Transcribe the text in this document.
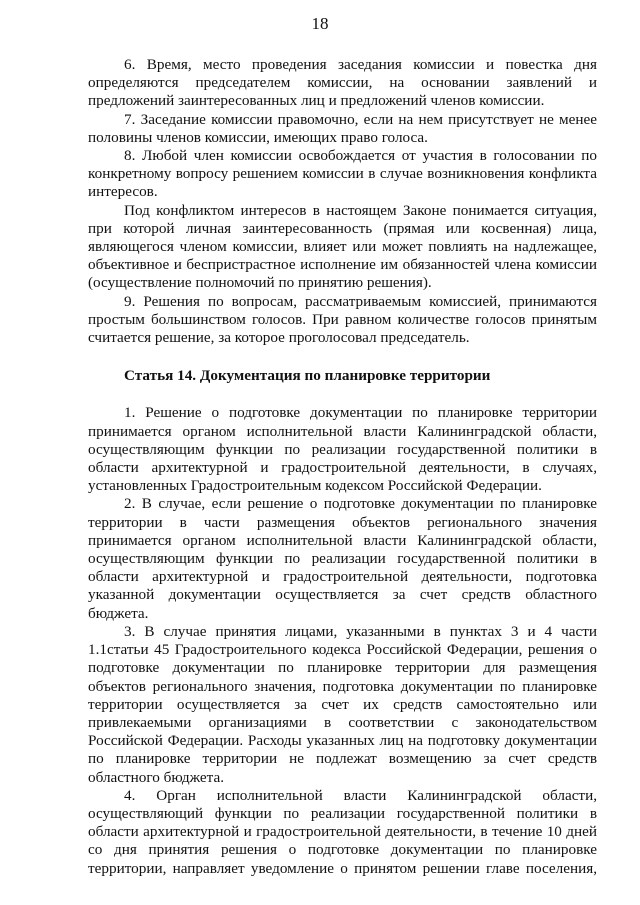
18

6. Время, место проведения заседания комиссии и повестка дня определяются председателем комиссии, на основании заявлений и предложений заинтересованных лиц и предложений членов комиссии.

7. Заседание комиссии правомочно, если на нем присутствует не менее половины членов комиссии, имеющих право голоса.

8. Любой член комиссии освобождается от участия в голосовании по конкретному вопросу решением комиссии в случае возникновения конфликта интересов.

Под конфликтом интересов в настоящем Законе понимается ситуация, при которой личная заинтересованность (прямая или косвенная) лица, являющегося членом комиссии, влияет или может повлиять на надлежащее, объективное и беспристрастное исполнение им обязанностей члена комиссии (осуществление полномочий по принятию решения).

9. Решения по вопросам, рассматриваемым комиссией, принимаются простым большинством голосов. При равном количестве голосов принятым считается решение, за которое проголосовал председатель.

Статья 14. Документация по планировке территории

1. Решение о подготовке документации по планировке территории принимается органом исполнительной власти Калининградской области, осуществляющим функции по реализации государственной политики в области архитектурной и градостроительной деятельности, в случаях, установленных Градостроительным кодексом Российской Федерации.

2. В случае, если решение о подготовке документации по планировке территории в части размещения объектов регионального значения принимается органом исполнительной власти Калининградской области, осуществляющим функции по реализации государственной политики в области архитектурной и градостроительной деятельности, подготовка указанной документации осуществляется за счет средств областного бюджета.

3. В случае принятия лицами, указанными в пунктах 3 и 4 части 1.1статьи 45 Градостроительного кодекса Российской Федерации, решения о подготовке документации по планировке территории для размещения объектов регионального значения, подготовка документации по планировке территории осуществляется за счет их средств самостоятельно или привлекаемыми организациями в соответствии с законодательством Российской Федерации. Расходы указанных лиц на подготовку документации по планировке территории не подлежат возмещению за счет средств областного бюджета.

4. Орган исполнительной власти Калининградской области, осуществляющий функции по реализации государственной политики в области архитектурной и градостроительной деятельности, в течение 10 дней со дня принятия решения о подготовке документации по планировке территории, направляет уведомление о принятом решении главе поселения,
